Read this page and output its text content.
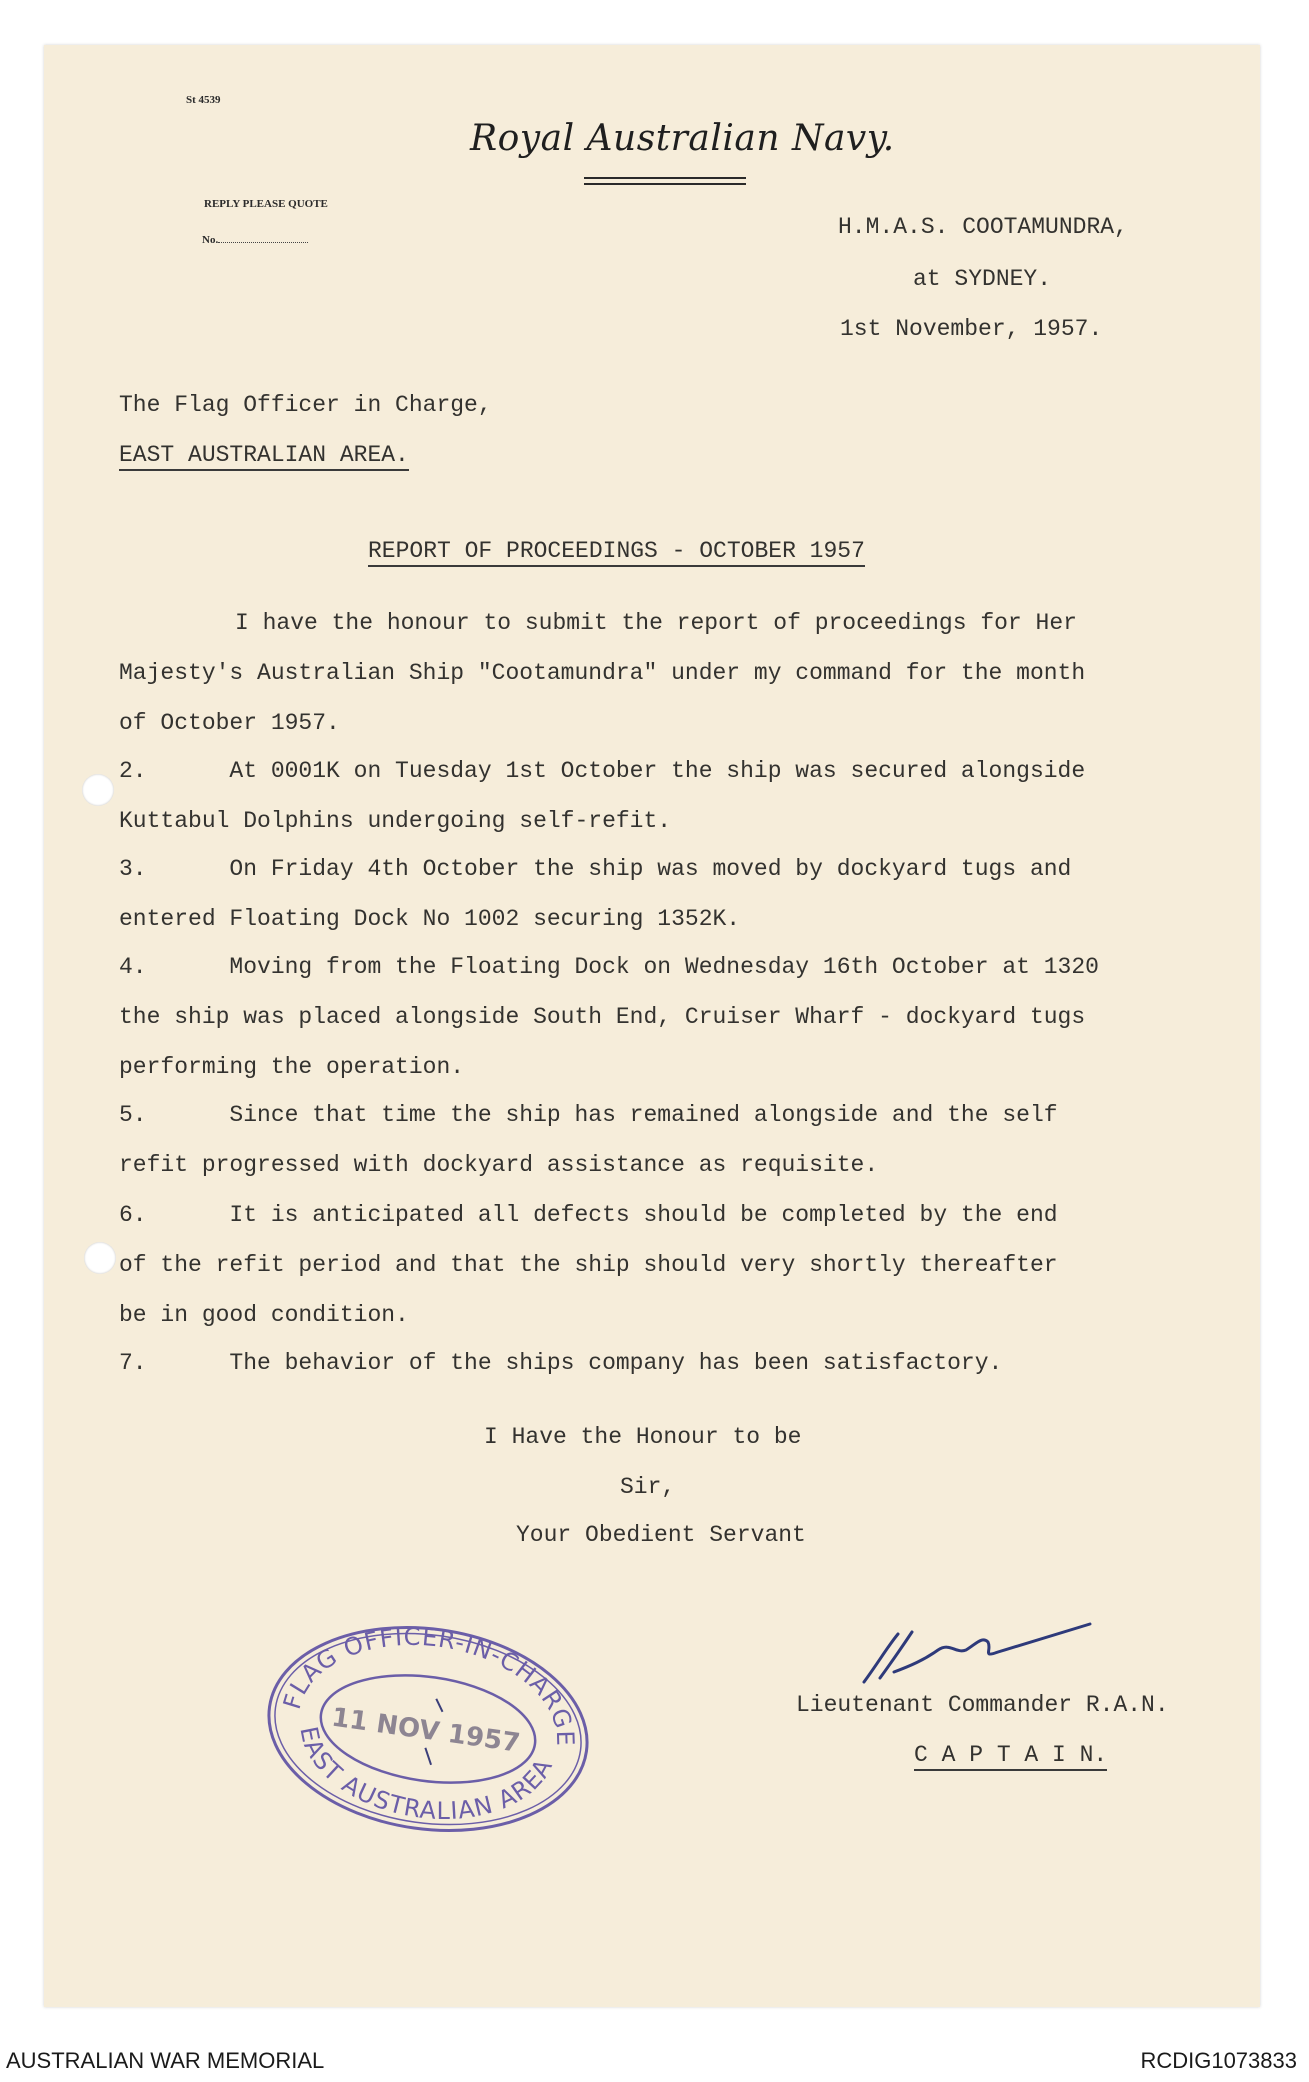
St 4539
Royal Australian Navy.
REPLY PLEASE QUOTE
No.	H.M.A.S. COOTAMUNDRA,
at SYDNEY.
1st November, 1957.
The Flag Officer in Charge,
EAST AUSTRALIAN AREA.
REPORT OF PROCEEDINGS - OCTOBER 1957
I have the honour to submit the report of proceedings for Her
Majesty's Australian Ship "Cootamundra" under my command for the month
of October 1957.
2.      At 0001K on Tuesday 1st October the ship was secured alongside
Kuttabul Dolphins undergoing self-refit.
3.      On Friday 4th October the ship was moved by dockyard tugs and
entered Floating Dock No 1002 securing 1352K.
4.      Moving from the Floating Dock on Wednesday 16th October at 1320
the ship was placed alongside South End, Cruiser Wharf - dockyard tugs
performing the operation.
5.      Since that time the ship has remained alongside and the self
refit progressed with dockyard assistance as requisite.
6.      It is anticipated all defects should be completed by the end
of the refit period and that the ship should very shortly thereafter
be in good condition.
7.      The behavior of the ships company has been satisfactory.
I Have the Honour to be
Sir,
Your Obedient Servant
Lieutenant Commander R.A.N.
C A P T A I N.
FLAG OFFICER-IN-CHARGE
EAST AUSTRALIAN AREA
11 NOV 1957
AUSTRALIAN WAR MEMORIAL	RCDIG1073833
